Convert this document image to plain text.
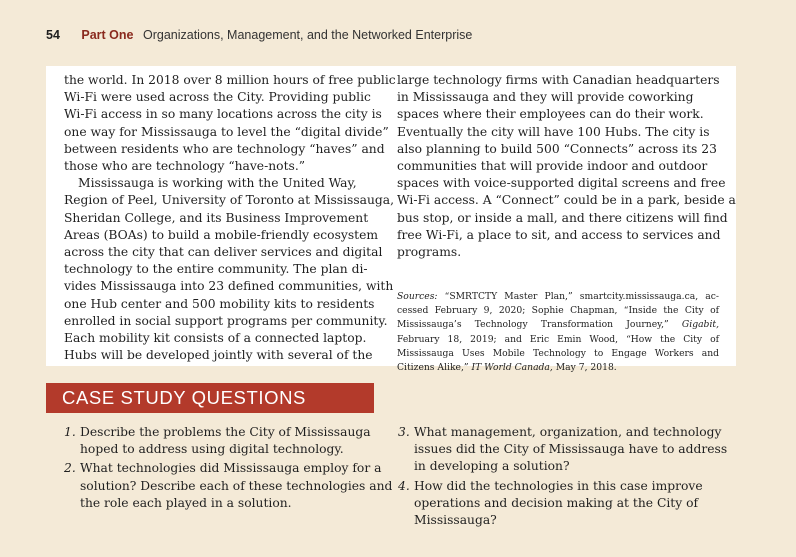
54 Part One Organizations, Management, and the Networked Enterprise

the world. In 2018 over 8 million hours of free public

Wi-Fi were used across the City. Providing public

Wi-Fi access in so many locations across the city is

one way for Mississauga to level the “digital divide”

between residents who are technology “haves” and

those who are technology “have-nots.”

Mississauga is working with the United Way,

Region of Peel, University of Toronto at Mississauga,

Sheridan College, and its Business Improvement

Areas (BOAs) to build a mobile-friendly ecosystem

across the city that can deliver services and digital

technology to the entire community. The plan di-

vides Mississauga into 23 defined communities, with

one Hub center and 500 mobility kits to residents

enrolled in social support programs per community.

Each mobility kit consists of a connected laptop.

Hubs will be developed jointly with several of the

large technology firms with Canadian headquarters

in Mississauga and they will provide coworking

spaces where their employees can do their work.

Eventually the city will have 100 Hubs. The city is

also planning to build 500 “Connects” across its 23

communities that will provide indoor and outdoor

spaces with voice-supported digital screens and free

Wi-Fi access. A “Connect” could be in a park, beside a

bus stop, or inside a mall, and there citizens will find

free Wi-Fi, a place to sit, and access to services and

programs.

Sources: “SMRTCTY Master Plan,” smartcity.mississauga.ca, ac-

cessed February 9, 2020; Sophie Chapman, “Inside the City of

Mississauga’s Technology Transformation Journey,” Gigabit,

February 18, 2019; and Eric Emin Wood, “How the City of

Mississauga Uses Mobile Technology to Engage Workers and

Citizens Alike,” IT World Canada, May 7, 2018.

CASE STUDY QUESTIONS
1. Describe the problems the City of Mississauga

hoped to address using digital technology.

2. What technologies did Mississauga employ for a

solution? Describe each of these technologies and

the role each played in a solution.

3. What management, organization, and technology

issues did the City of Mississauga have to address

in developing a solution?

4. How did the technologies in this case improve

operations and decision making at the City of

Mississauga?
